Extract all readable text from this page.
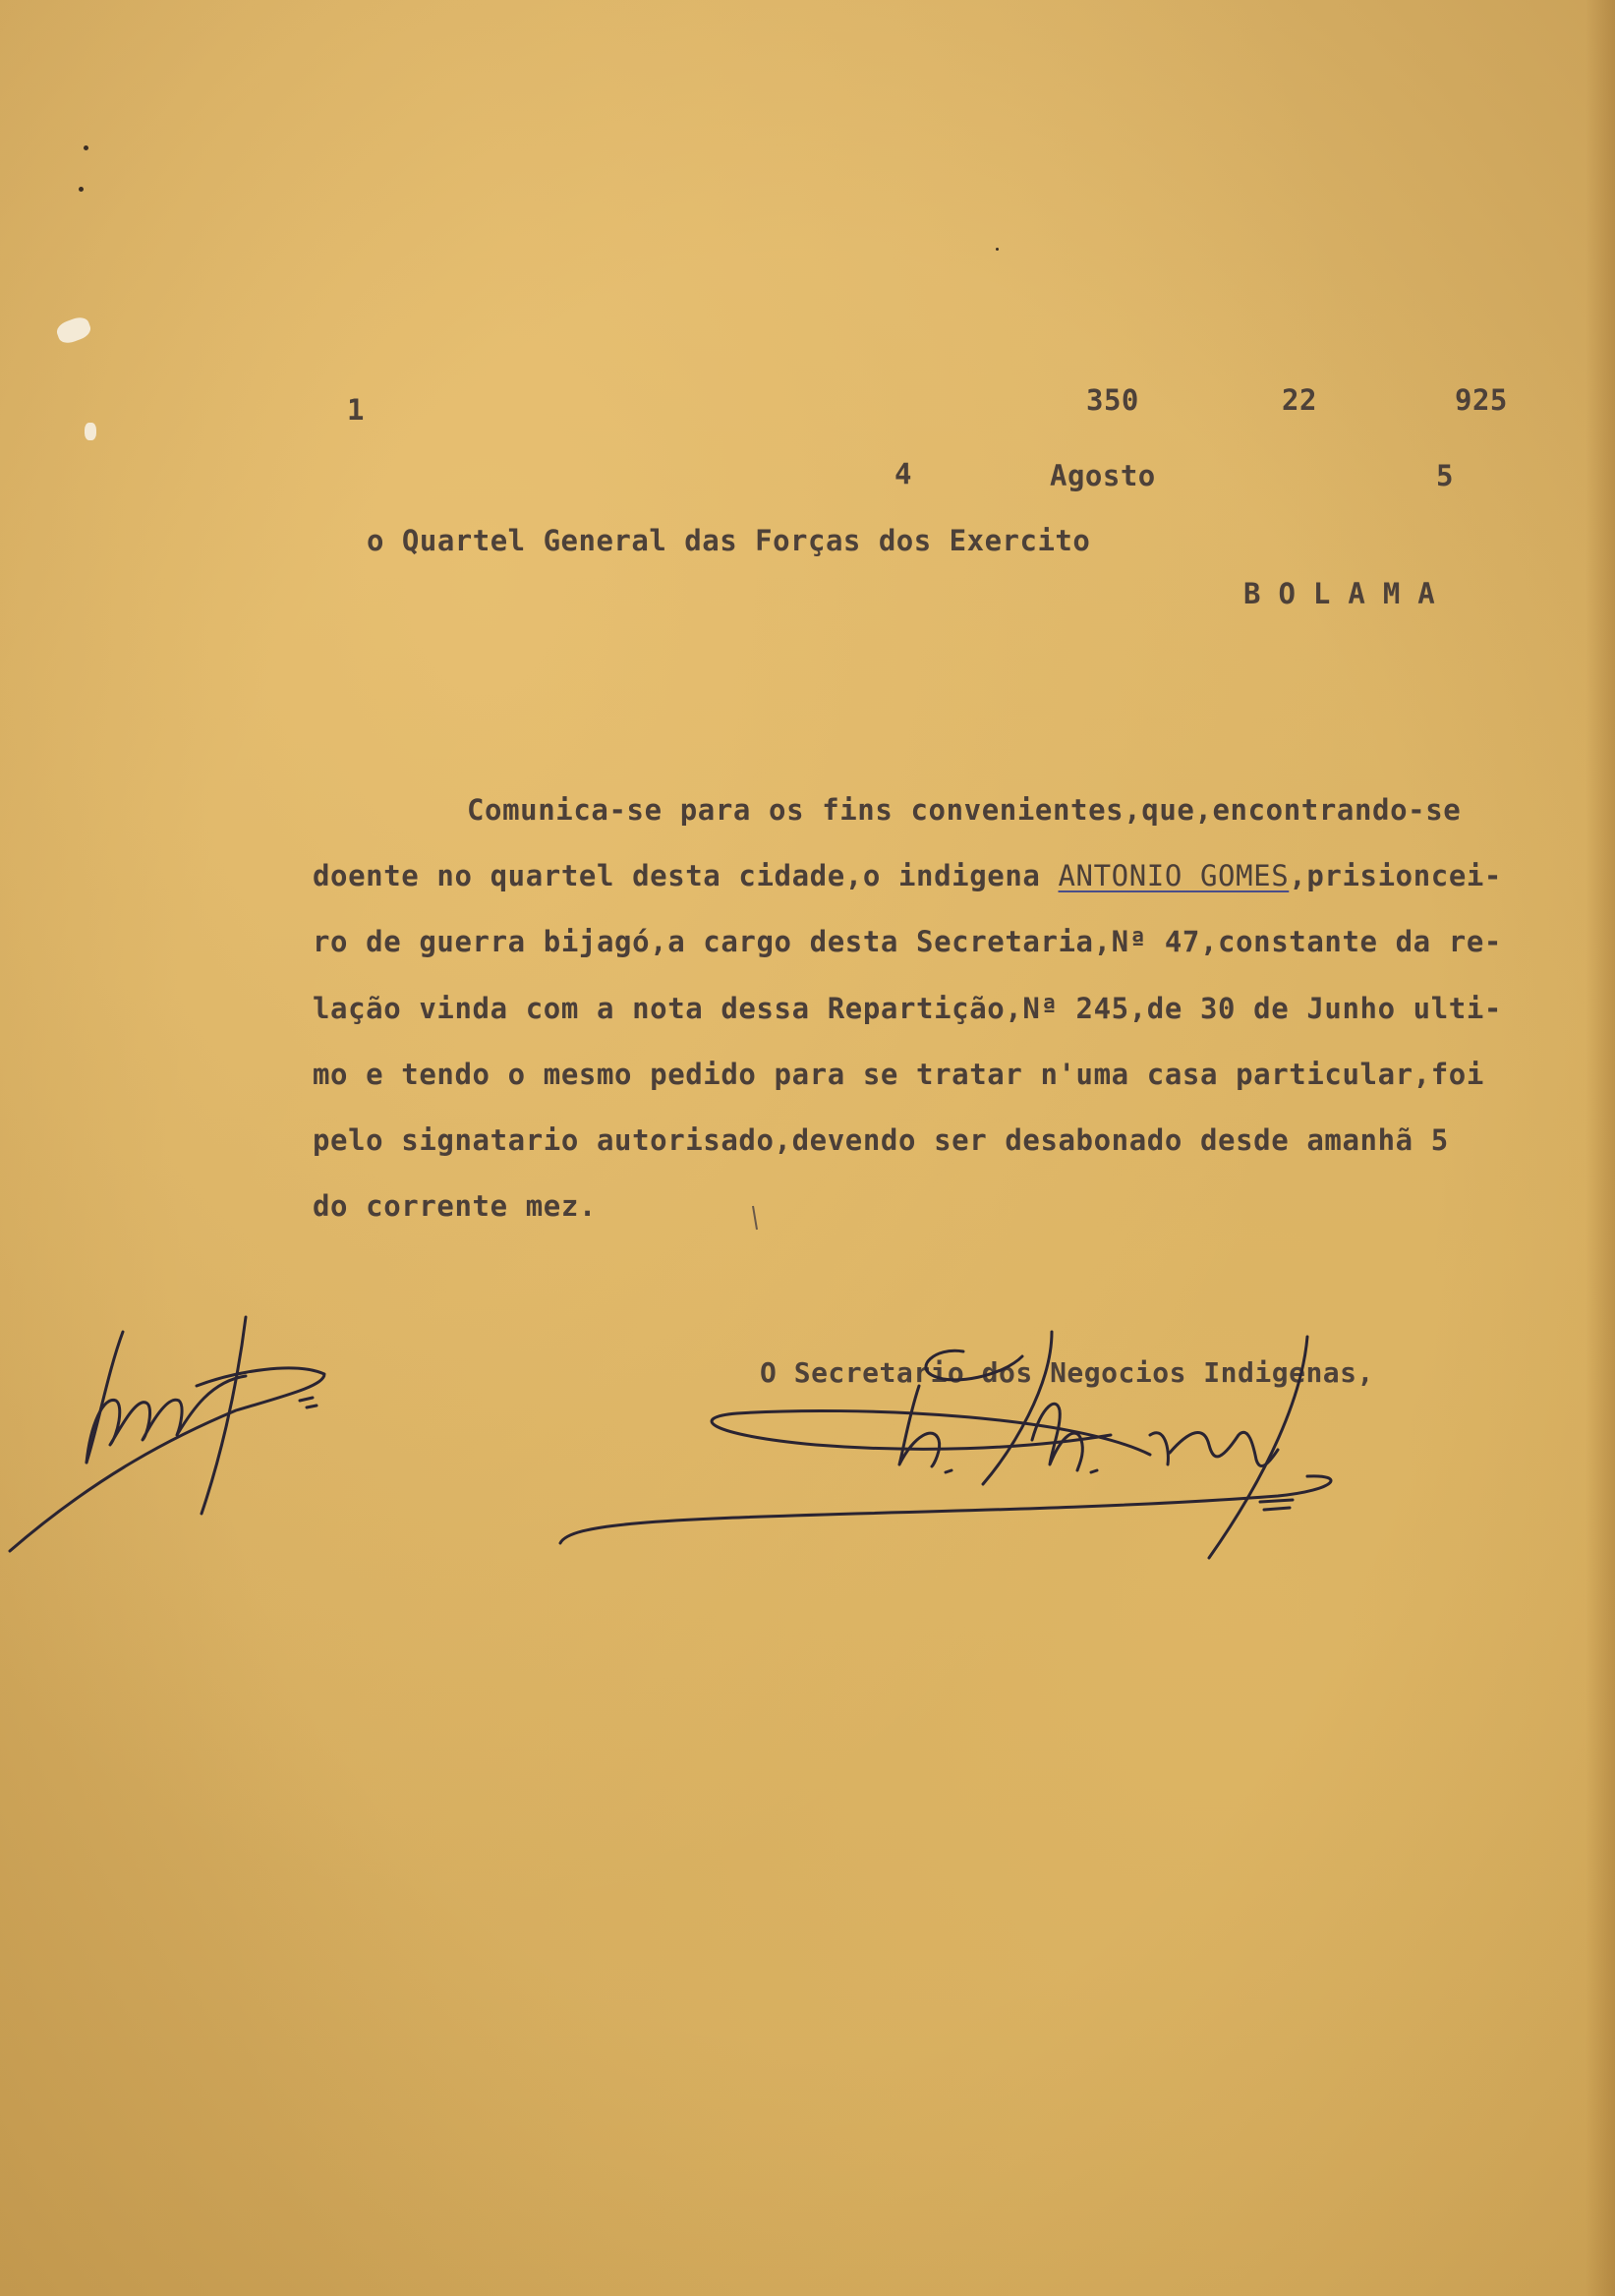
1	350	22	925
4	Agosto	5
o Quartel General das Forças dos Exercito
BOLAMA
Comunica-se para os fins convenientes,que,encontrando-se
doente no quartel desta cidade,o indigena ANTONIO GOMES,prisioncei-
ro de guerra bijagó,a cargo desta Secretaria,Nª 47,constante da re-
lação vinda com a nota dessa Repartição,Nª 245,de 30 de Junho ulti-
mo e tendo o mesmo pedido para se tratar n'uma casa particular,foi
pelo signatario autorisado,devendo ser desabonado desde amanhã 5
do corrente mez.
O Secretario dos Negocios Indigenas,
